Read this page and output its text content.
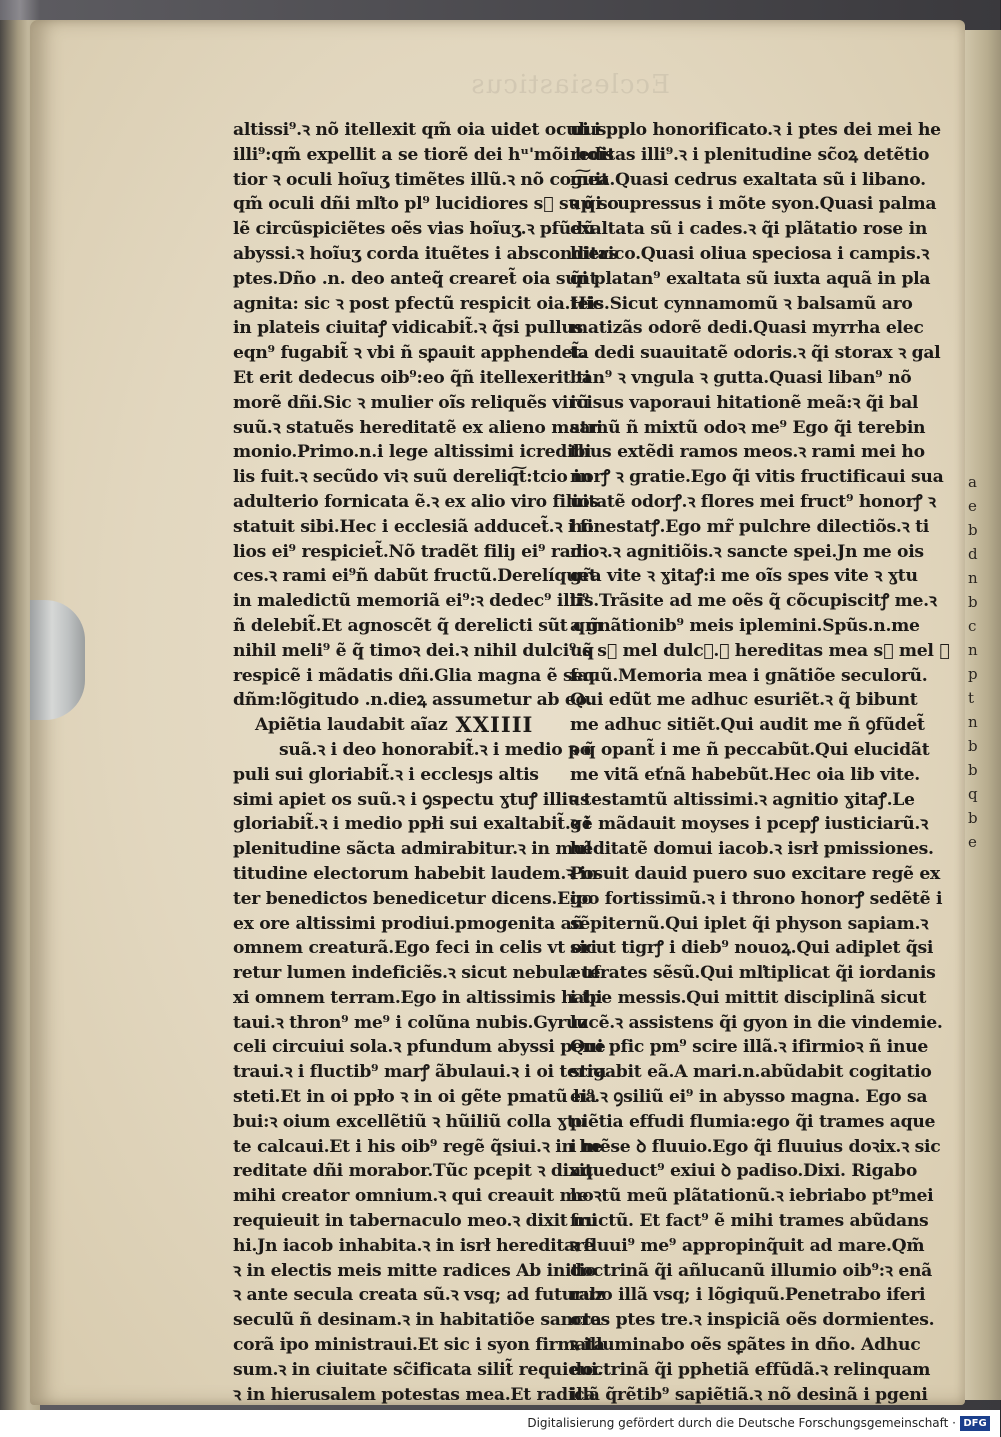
a
e
b
d
n
b
c
n
p
t
n
b
b
q
b
e
Ecclesiasticus
altissi⁹.ꝛ nõ itellexit qm̃ oia uidet oculus
illi⁹:qm̃ expellit a se tiorẽ dei hᵘ'mõi hoĩs
tior ꝛ oculi hoĩuʒ timẽtes illũ.ꝛ nõ cog͠uit
qm̃ oculi dñi mľto pl⁹ lucidiores sᷓ sup so
lẽ circũspiciẽtes oẽs vias hoĩuʒ.ꝛ pfũdũ
abyssi.ꝛ hoĩuʒ corda ituẽtes i absconditas
ptes.Dño .n. deo anteq̃ crearet̃ oia sunt
agnita: sic ꝛ post pfectũ respicit oia.Hic
in plateis ciuitaꝭ vidicabit̃.ꝛ q̃si pullus
eqn⁹ fugabit̃ ꝛ vbi ñ sꝑauit apphendet̃.
Et erit dedecus oib⁹:eo q̃ñ itellexerit ti
morẽ dñi.Sic ꝛ mulier oĩs reliquẽs virũ
suũ.ꝛ statuẽs hereditatẽ ex alieno matri
monio.Primo.n.i lege altissimi icredibi
lis fuit.ꝛ secũdo viꝛ suũ dereliq͠t:tcio in
adulterio fornicata ẽ.ꝛ ex alio viro filios
statuit sibi.Hec i ecclesiã adducet̃.ꝛ i fi
lios ei⁹ respiciet̃.Nõ tradẽt filiȷ ei⁹ radi
ces.ꝛ rami ei⁹ñ dabũt fructũ.Derelíquet
in maledictũ memoriã ei⁹:ꝛ dedec⁹ illi⁹
ñ delebit̃.Et agnoscẽt q̃ derelicti sũt qm̃
nihil meli⁹ ẽ q̃ timoꝛ dei.ꝛ nihil dulci⁹ q̃
respicẽ i mãdatis dñi.Glia magna ẽ seq
dñm:lõgitudo .n.dieꝝ assumetur ab eo.
Apiẽtia laudabit aĩaz XXIIII
suã.ꝛ i deo honorabit̃.ꝛ i medio po
puli sui gloriabit̃.ꝛ i ecclesȷs altis
simi apiet os suũ.ꝛ i ꝯspectu ɣtuꝭ illius
gloriabit̃.ꝛ i medio ppłi sui exaltabit̃.ꝛ i
plenitudine sãcta admirabitur.ꝛ in mul
titudine electorum habebit laudem.ꝛ in
ter benedictos benedicetur dicens.Ego
ex ore altissimi prodiui.pmogenita añ
omnem creaturã.Ego feci in celis vt ori
retur lumen indeficiẽs.ꝛ sicut nebula te
xi omnem terram.Ego in altissimis habi
taui.ꝛ thron⁹ me⁹ i colũna nubis.Gyruz
celi circuiui sola.ꝛ pfundum abyssi pene
traui.ꝛ i fluctib⁹ marꝭ ãbulaui.ꝛ i oi terra
steti.Et in oi ppło ꝛ in oi gẽte pmatũ ha
bui:ꝛ oium excellẽtiũ ꝛ hũiliũ colla ɣtu
te calcaui.Et i his oib⁹ regẽ q̃siui.ꝛ in he
reditate dñi morabor.Tũc pcepit ꝛ dixit
mihi creator omnium.ꝛ qui creauit me
requieuit in tabernaculo meo.ꝛ dixit mi
hi.Jn iacob inhabita.ꝛ in isrł hereditare
ꝛ in electis meis mitte radices Ab initio
ꝛ ante secula creata sũ.ꝛ vsq; ad futuruz
seculũ ñ desinam.ꝛ in habitatiõe sancta
corã ipo ministraui.Et sic i syon firmata
sum.ꝛ in ciuitate sc̃ificata silit̃ requieui.
ꝛ in hierusalem potestas mea.Et radica
ui i pplo honorificato.ꝛ i ptes dei mei he
reditas illi⁹.ꝛ i plenitudine sc̃oꝝ detẽtio
mea.Quasi cedrus exaltata sũ i libano.
ꝛ q̃i cupressus i mõte syon.Quasi palma
exaltata sũ i cades.ꝛ q̃i plãtatio rose in
hierico.Quasi oliua speciosa i campis.ꝛ
q̃i platan⁹ exaltata sũ iuxta aquã in pla
teis.Sicut cynnamomũ ꝛ balsamũ aro
matizãs odorẽ dedi.Quasi myrrha elec
ta dedi suauitatẽ odoris.ꝛ q̃i storax ꝛ gal
ban⁹ ꝛ vngula ꝛ gutta.Quasi liban⁹ nõ
icisus vaporaui hitationẽ meã:ꝛ q̃i bal
samũ ñ mixtũ odoꝛ me⁹ Ego q̃i terebin
thus extẽdi ramos meos.ꝛ rami mei ho
norꝭ ꝛ gratie.Ego q̃i vitis fructificaui sua
uitatẽ odorꝭ.ꝛ flores mei fruct⁹ honorꝭ ꝛ
honestatꝭ.Ego mr̃ pulchre dilectiõs.ꝛ ti
moꝛ.ꝛ agnitiõis.ꝛ sancte spei.Jn me ois
gr̃a vite ꝛ ɣitaꝭ:i me oĩs spes vite ꝛ ɣtu
tis.Trãsite ad me oẽs q̃ cõcupiscitꝭ me.ꝛ
a gnãtionib⁹ meis iplemini.Spũs.n.me
us sᷓ mel dulcꝭ.ꝛ hereditas mea sᷓ mel ꝛ
fauũ.Memoria mea i gnãtiõe seculorũ.
Qui edũt me adhuc esuriẽt.ꝛ q̃ bibunt
me adhuc sitiẽt.Qui audit me ñ ꝯfũdet̃
ꝛ q̃ opant̃ i me ñ peccabũt.Qui elucidãt
me vitã eťnã habebũt.Hec oia lib vite.
ꝛ testamtũ altissimi.ꝛ agnitio ɣitaꝭ.Le
gẽ mãdauit moyses i pcepꝭ iusticiarũ.ꝛ
hẽditatẽ domui iacob.ꝛ isrł pmissiones.
Posuit dauid puero suo excitare regẽ ex
ipo fortissimũ.ꝛ i throno honorꝭ sedẽtẽ i
sẽpiternũ.Qui iplet q̃i physon sapiam.ꝛ
sicut tigrꝭ i dieb⁹ nouoꝝ.Qui adiplet q̃si
eufrates sẽsũ.Qui mľtiplicat q̃i iordanis
i tpe messis.Qui mittit disciplinã sicut
lucẽ.ꝛ assistens q̃i gyon in die vindemie.
Qui pfic pm⁹ scire illã.ꝛ ifirmioꝛ ñ inue
stigabit eã.A mari.n.abũdabit cogitatio
ei⁹.ꝛ ꝯsiliũ ei⁹ in abysso magna. Ego sa
piẽtia effudi flumia:ego q̃i trames aque
i mẽse ꝺ fluuio.Ego q̃i fluuius doꝛix.ꝛ sic
aqueduct⁹ exiui ꝺ padiso.Dixi. Rigabo
hoꝛtũ meũ plãtationũ.ꝛ iebriabo pt⁹mei
fructũ. Et fact⁹ ẽ mihi trames abũdans
ꝛ fluui⁹ me⁹ appropinq̃uit ad mare.Qm̃
doctrinã q̃i añlucanũ illumio oib⁹:ꝛ enã
rabo illã vsq; i lõgiquũ.Penetrabo iferi
ores ptes tre.ꝛ inspiciã oẽs dormientes.
ꝛ illuminabo oẽs sꝑãtes in dño. Adhuc
doctrinã q̃i pphetiã effũdã.ꝛ relinquam
illã q̃rẽtib⁹ sapiẽtiã.ꝛ nõ desinã i pgeni
Digitalisierung gefördert durch die Deutsche Forschungsgemeinschaft · DFG
